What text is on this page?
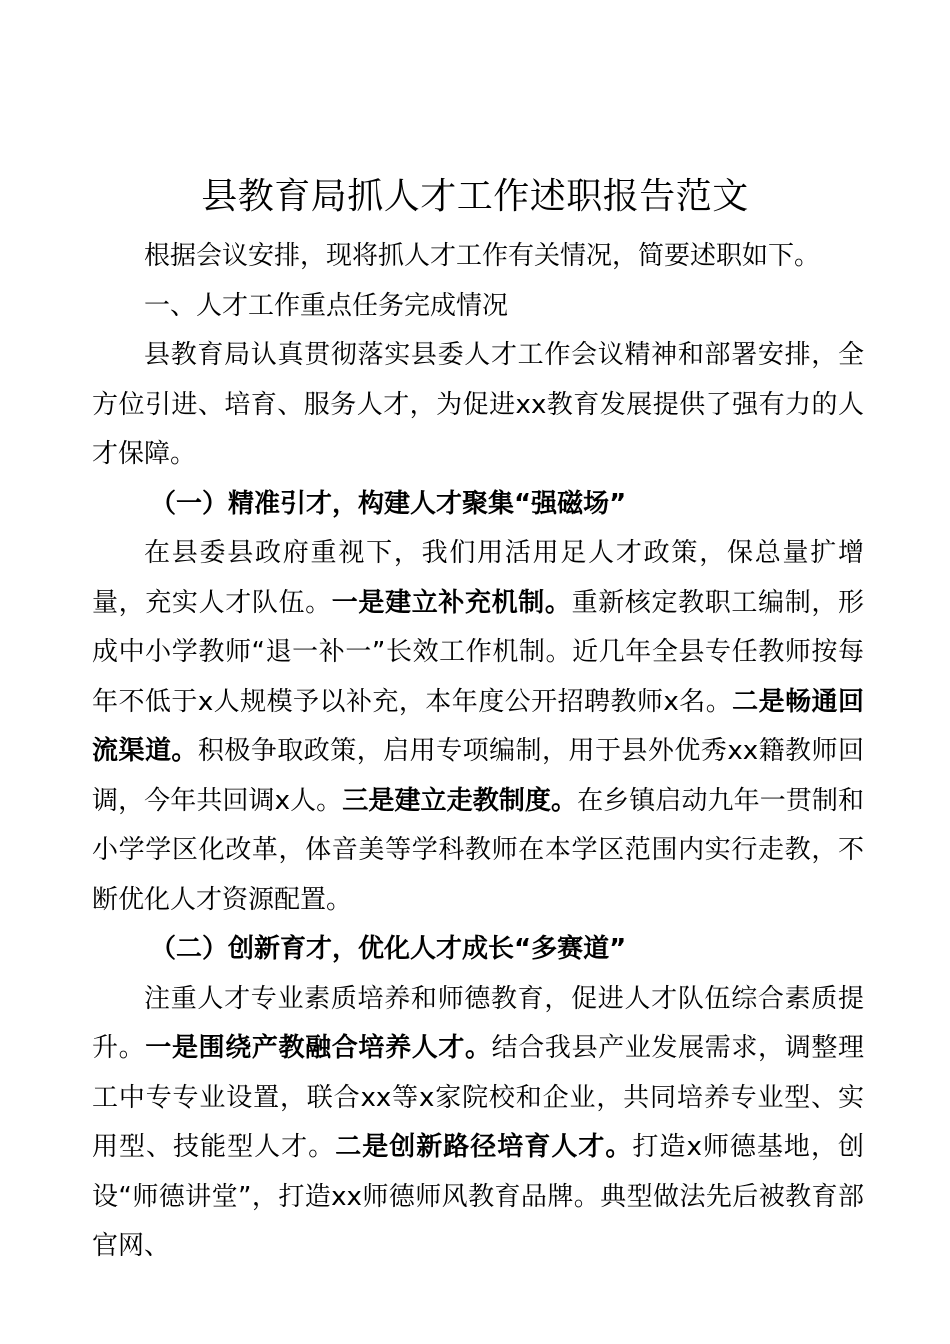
县教育局抓人才工作述职报告范文

根据会议安排，现将抓人才工作有关情况，简要述职如下。

一、人才工作重点任务完成情况

县教育局认真贯彻落实县委人才工作会议精神和部署安排，全方位引进、培育、服务人才，为促进xx教育发展提供了强有力的人才保障。

（一）精准引才，构建人才聚集“强磁场”

在县委县政府重视下，我们用活用足人才政策，保总量扩增量，充实人才队伍。一是建立补充机制。重新核定教职工编制，形成中小学教师“退一补一”长效工作机制。近几年全县专任教师按每年不低于x人规模予以补充，本年度公开招聘教师x名。二是畅通回流渠道。积极争取政策，启用专项编制，用于县外优秀xx籍教师回调，今年共回调x人。三是建立走教制度。在乡镇启动九年一贯制和小学学区化改革，体音美等学科教师在本学区范围内实行走教，不断优化人才资源配置。

（二）创新育才，优化人才成长“多赛道”

注重人才专业素质培养和师德教育，促进人才队伍综合素质提升。一是围绕产教融合培养人才。结合我县产业发展需求，调整理工中专专业设置，联合xx等x家院校和企业，共同培养专业型、实用型、技能型人才。二是创新路径培育人才。打造x师德基地，创设“师德讲堂”，打造xx师德师风教育品牌。典型做法先后被教育部官网、
